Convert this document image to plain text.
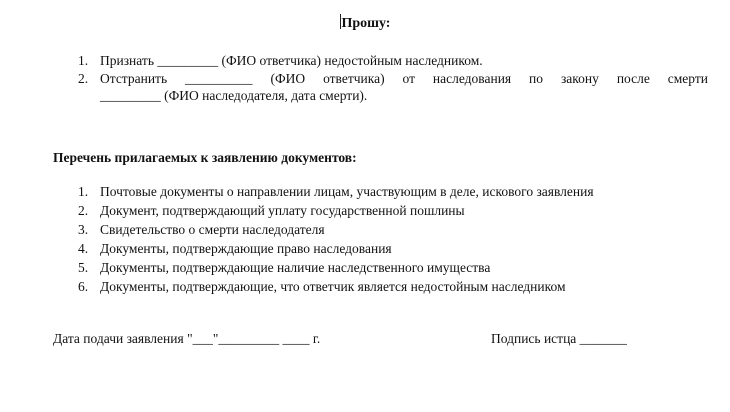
Прошу:
1. Признать _________ (ФИО ответчика) недостойным наследником.
2. Отстранить __________ (ФИО ответчика) от наследования по закону после смерти
_________ (ФИО наследодателя, дата смерти).
Перечень прилагаемых к заявлению документов:
1. Почтовые документы о направлении лицам, участвующим в деле, искового заявления
2. Документ, подтверждающий уплату государственной пошлины
3. Свидетельство о смерти наследодателя
4. Документы, подтверждающие право наследования
5. Документы, подтверждающие наличие наследственного имущества
6. Документы, подтверждающие, что ответчик является недостойным наследником
Дата подачи заявления "___"_________ ____ г.	Подпись истца _______
